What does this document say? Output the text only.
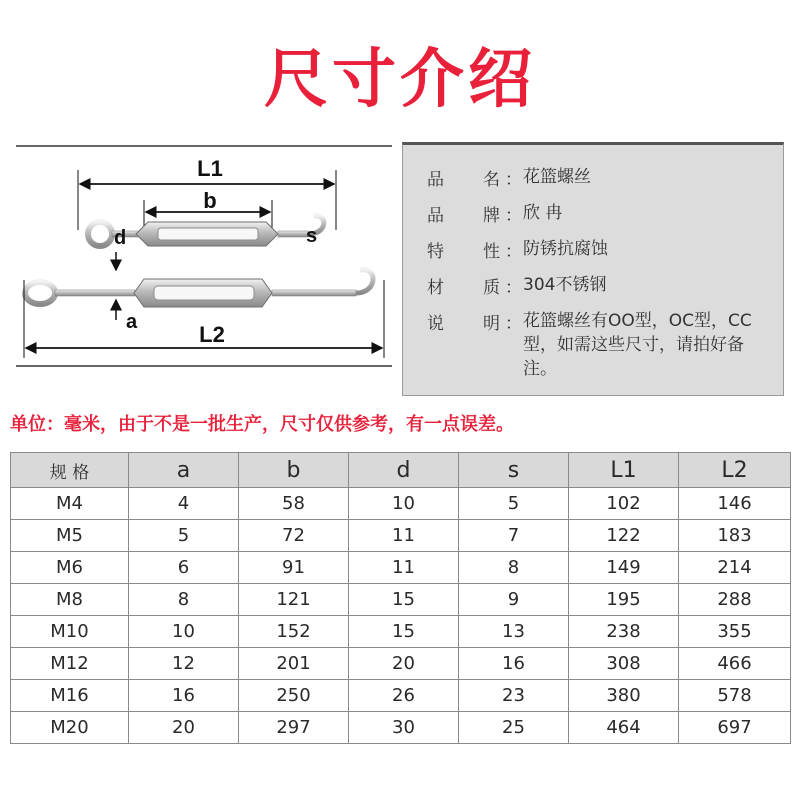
尺寸介绍
L1
b
d	s
a	L2
品 名 ： 花篮螺丝
品 牌 ： 欣 冉
特 性 ： 防锈抗腐蚀
材 质 ： 304不锈钢
说 明 ： 花篮螺丝有OO型，OC型，CC型，如需这些尺寸，请拍好备注。
单位：毫米，由于不是一批生产，尺寸仅供参考，有一点误差。
规 格	a	b	d	s	L1	L2
M4	4	58	10	5	102	146
M5	5	72	11	7	122	183
M6	6	91	11	8	149	214
M8	8	121	15	9	195	288
M10	10	152	15	13	238	355
M12	12	201	20	16	308	466
M16	16	250	26	23	380	578
M20	20	297	30	25	464	697
